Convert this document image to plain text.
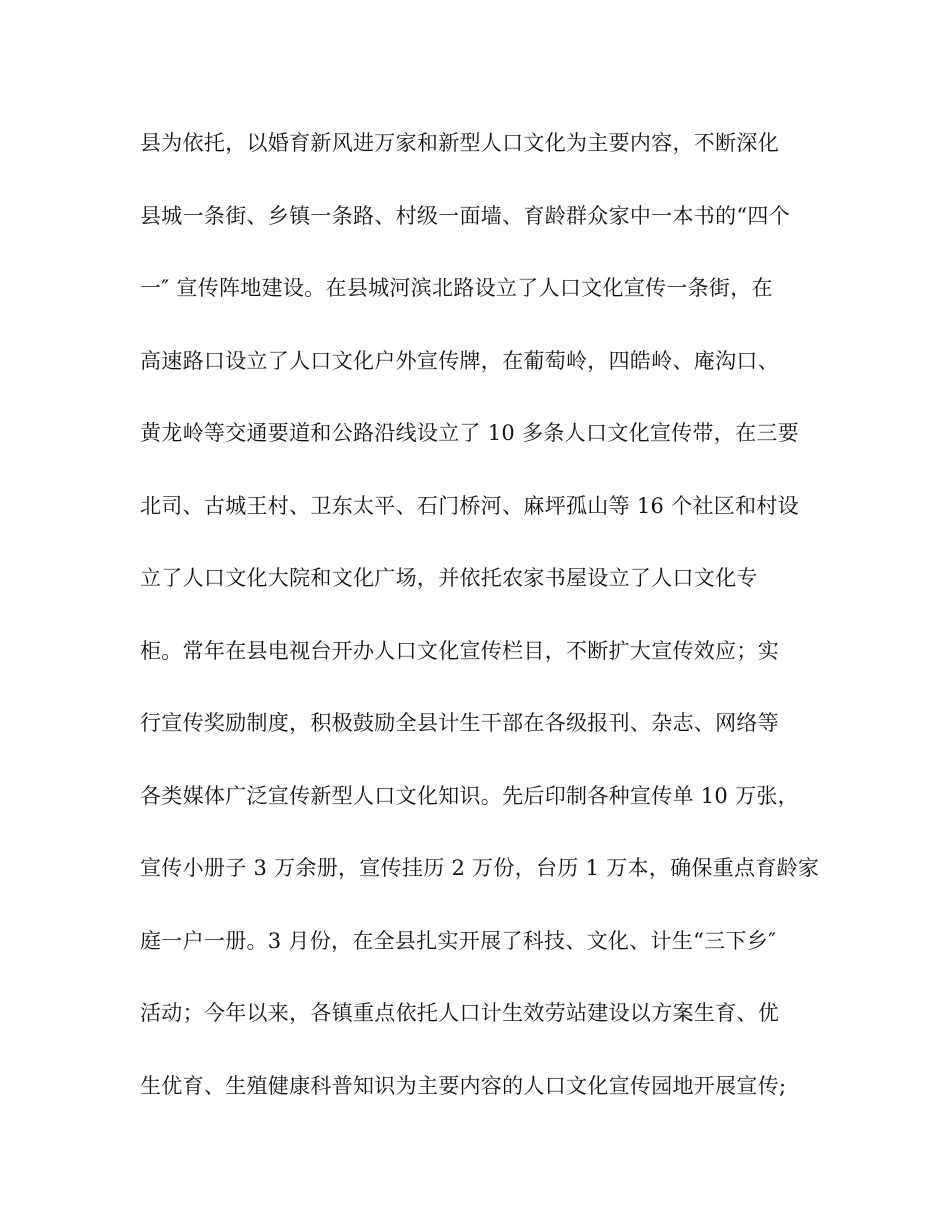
县为依托，以婚育新风进万家和新型人口文化为主要内容，不断深化
县城一条街、乡镇一条路、村级一面墙、育龄群众家中一本书的“四个
一″ 宣传阵地建设。在县城河滨北路设立了人口文化宣传一条街，在
高速路口设立了人口文化户外宣传牌，在葡萄岭，四皓岭、庵沟口、
黄龙岭等交通要道和公路沿线设立了 10 多条人口文化宣传带，在三要
北司、古城王村、卫东太平、石门桥河、麻坪孤山等 16 个社区和村设
立了人口文化大院和文化广场，并依托农家书屋设立了人口文化专
柜。常年在县电视台开办人口文化宣传栏目，不断扩大宣传效应；实
行宣传奖励制度，积极鼓励全县计生干部在各级报刊、杂志、网络等
各类媒体广泛宣传新型人口文化知识。先后印制各种宣传单 10 万张，
宣传小册子 3 万余册，宣传挂历 2 万份，台历 1 万本，确保重点育龄家
庭一户一册。3 月份，在全县扎实开展了科技、文化、计生“三下乡″
活动；今年以来，各镇重点依托人口计生效劳站建设以方案生育、优
生优育、生殖健康科普知识为主要内容的人口文化宣传园地开展宣传;
